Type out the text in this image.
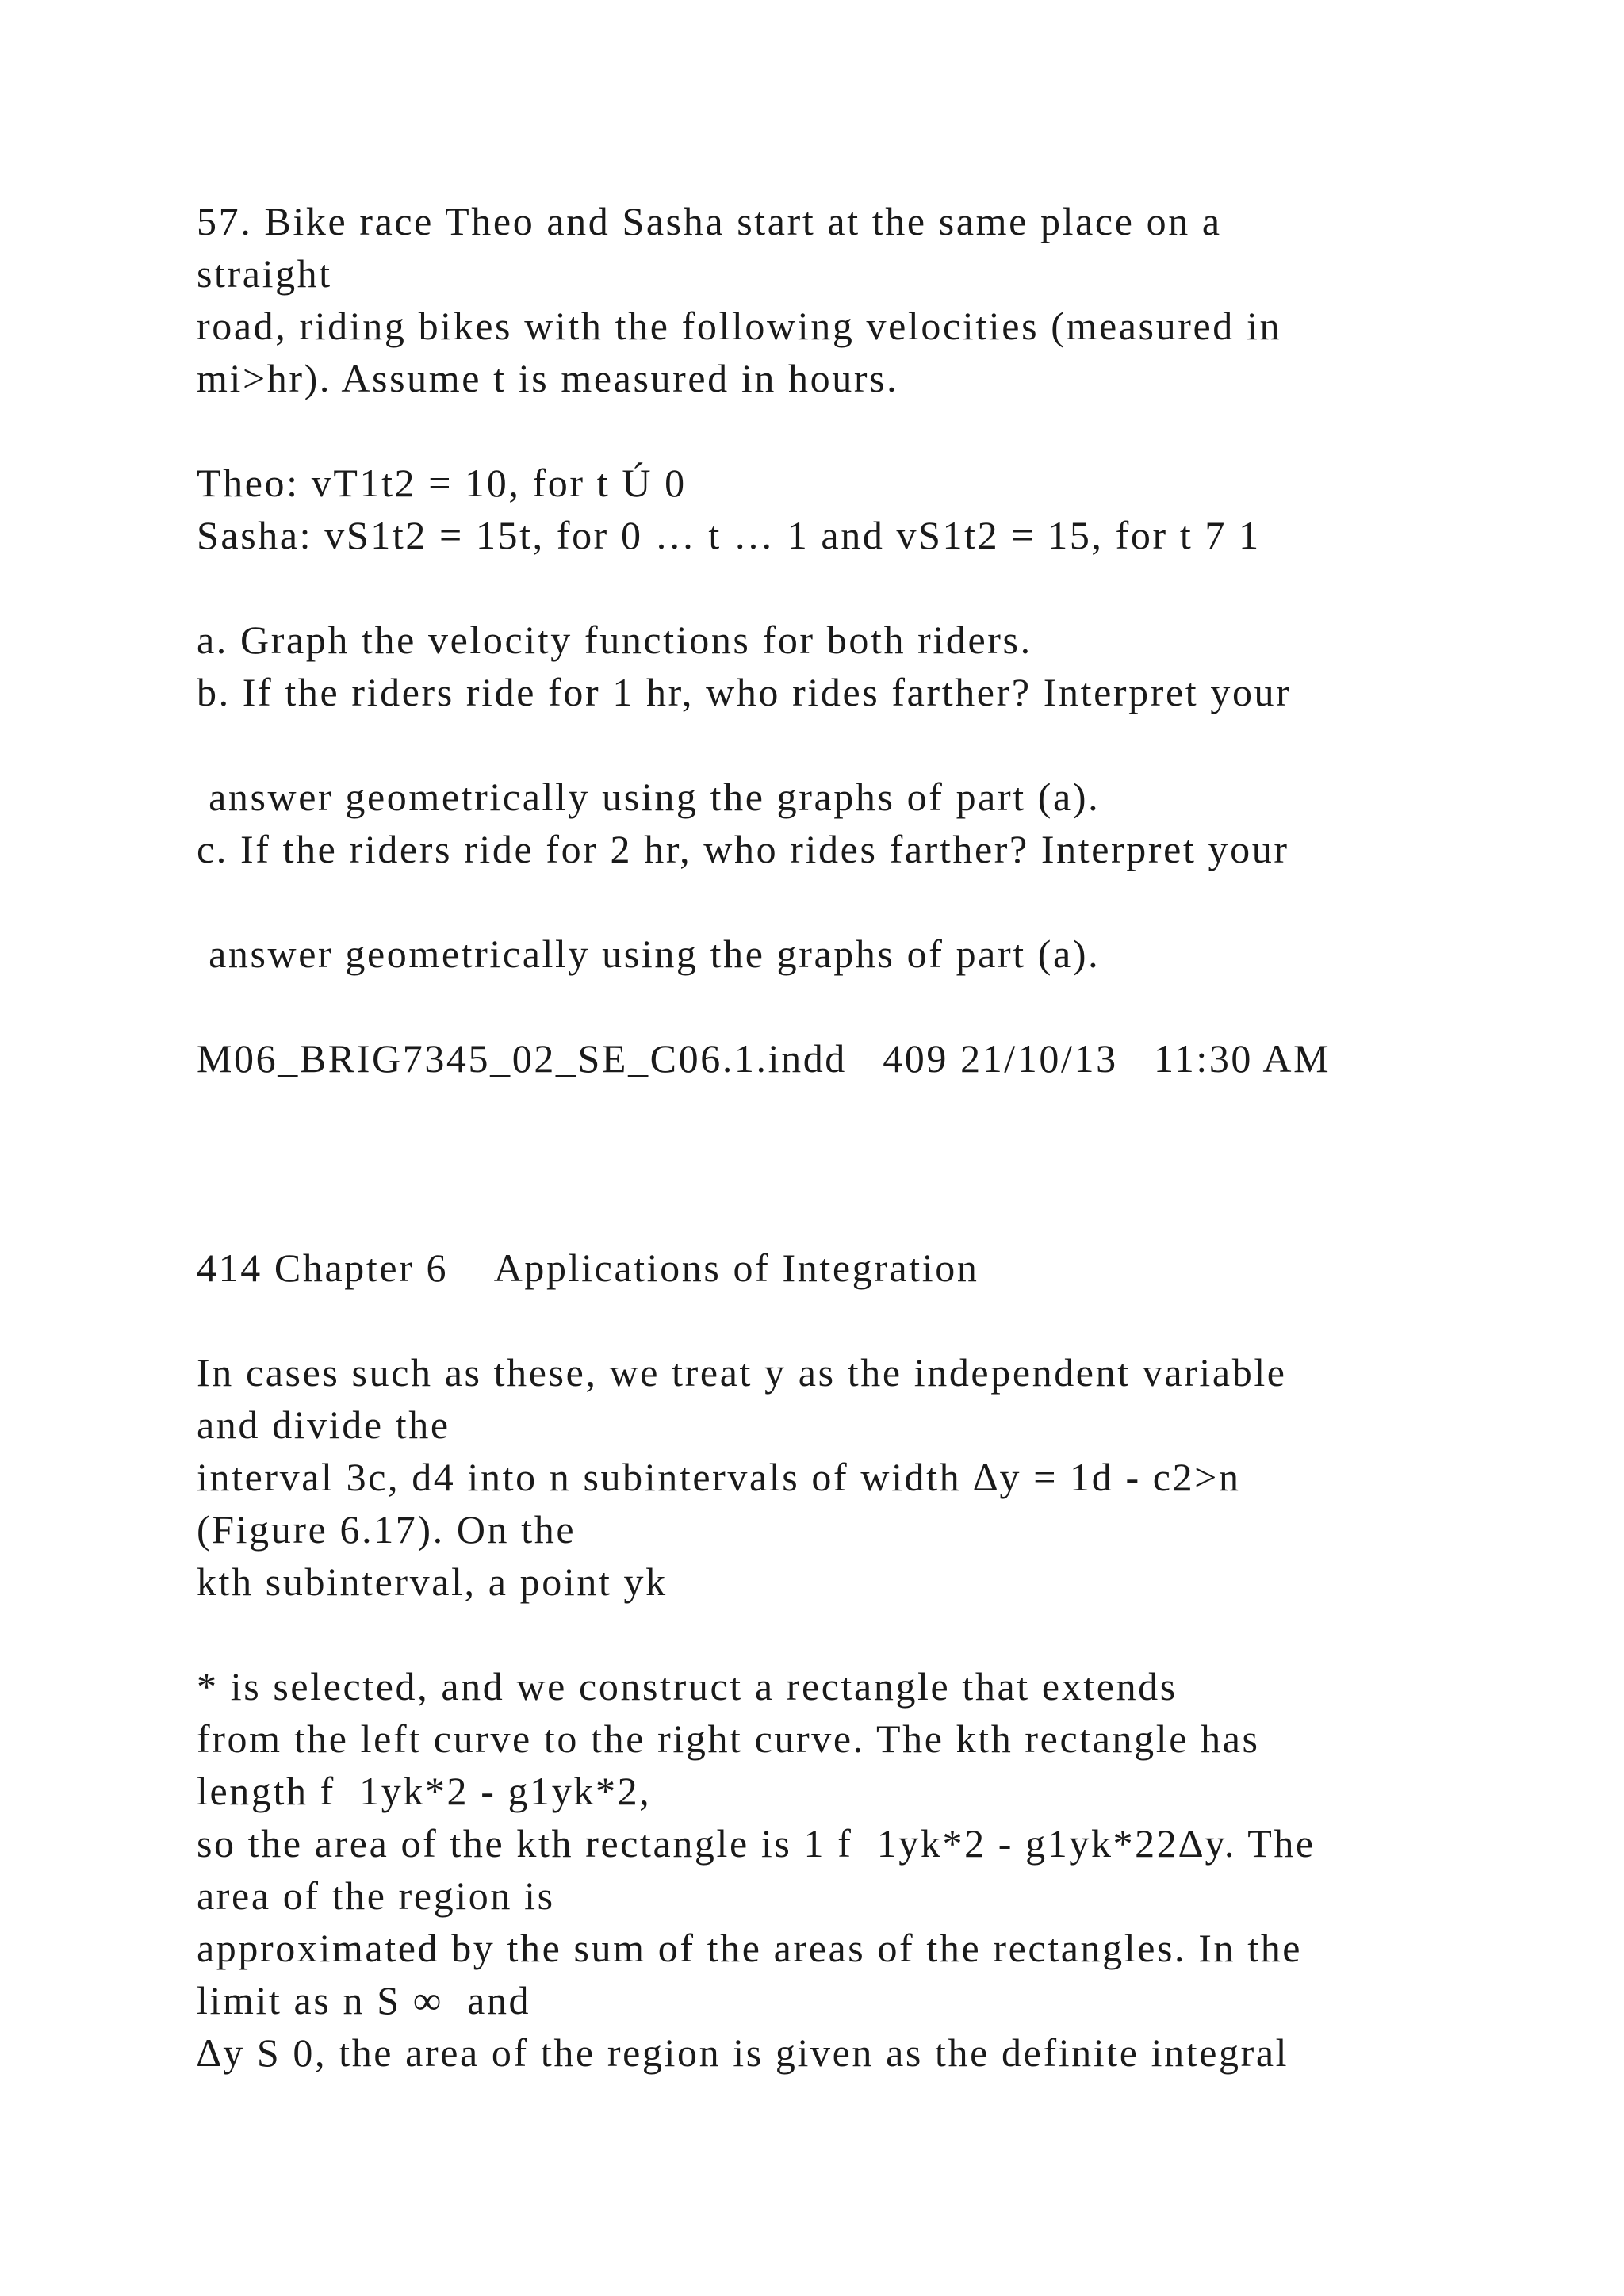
57. Bike race Theo and Sasha start at the same place on a
straight
road, riding bikes with the following velocities (measured in
mi>hr). Assume t is measured in hours.
Theo: vT1t2 = 10, for t Ú 0
Sasha: vS1t2 = 15t, for 0 … t … 1 and vS1t2 = 15, for t 7 1
a. Graph the velocity functions for both riders.
b. If the riders ride for 1 hr, who rides farther? Interpret your
answer geometrically using the graphs of part (a).
c. If the riders ride for 2 hr, who rides farther? Interpret your
answer geometrically using the graphs of part (a).
M06_BRIG7345_02_SE_C06.1.indd   409 21/10/13   11:30 AM
414 Chapter 6    Applications of Integration
In cases such as these, we treat y as the independent variable
and divide the
interval 3c, d4 into n subintervals of width ∆y = 1d - c2>n
(Figure 6.17). On the
kth subinterval, a point yk
* is selected, and we construct a rectangle that extends
from the left curve to the right curve. The kth rectangle has
length f  1yk*2 - g1yk*2,
so the area of the kth rectangle is 1 f  1yk*2 - g1yk*22∆y. The
area of the region is
approximated by the sum of the areas of the rectangles. In the
limit as n S ∞  and
∆y S 0, the area of the region is given as the definite integral
